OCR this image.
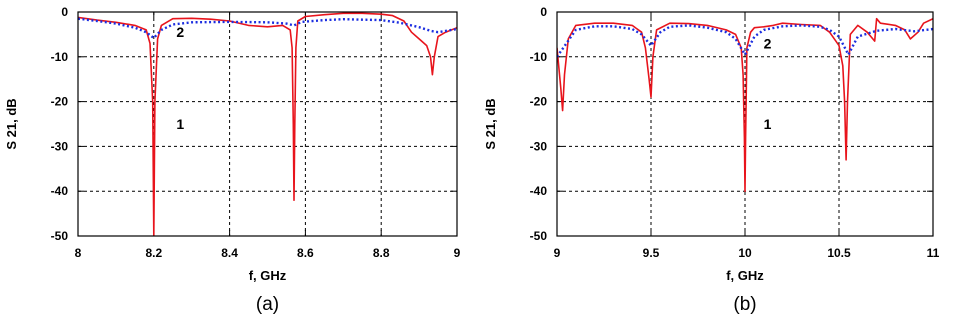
8	8.2	8.4	8.6	8.8	9
0
-10
-20
-30
-40
-50
1
2
f, GHz
S 21, dB
(a)
9	9.5	10	10.5	11
0
-10
-20
-30
-40
-50
1
2
f, GHz
S 21, dB
(b)
